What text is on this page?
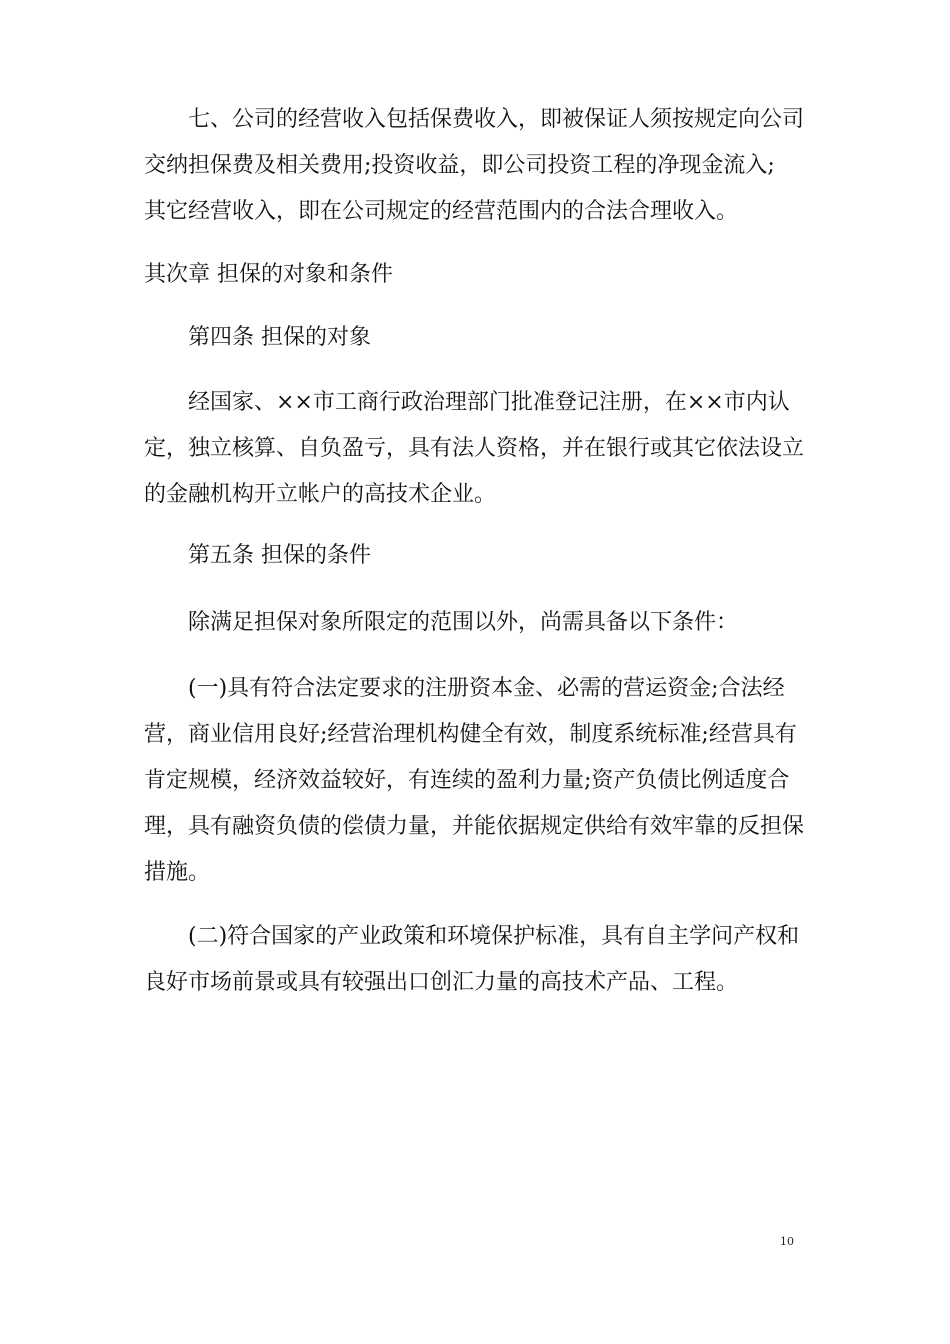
七、公司的经营收入包括保费收入，即被保证人须按规定向公司
交纳担保费及相关费用;投资收益，即公司投资工程的净现金流入;
其它经营收入，即在公司规定的经营范围内的合法合理收入。
其次章 担保的对象和条件
第四条 担保的对象
经国家、××市工商行政治理部门批准登记注册，在××市内认
定，独立核算、自负盈亏，具有法人资格，并在银行或其它依法设立
的金融机构开立帐户的高技术企业。
第五条 担保的条件
除满足担保对象所限定的范围以外，尚需具备以下条件：
(一)具有符合法定要求的注册资本金、必需的营运资金;合法经
营，商业信用良好;经营治理机构健全有效，制度系统标准;经营具有
肯定规模，经济效益较好，有连续的盈利力量;资产负债比例适度合
理，具有融资负债的偿债力量，并能依据规定供给有效牢靠的反担保
措施。
(二)符合国家的产业政策和环境保护标准，具有自主学问产权和
良好市场前景或具有较强出口创汇力量的高技术产品、工程。
10
